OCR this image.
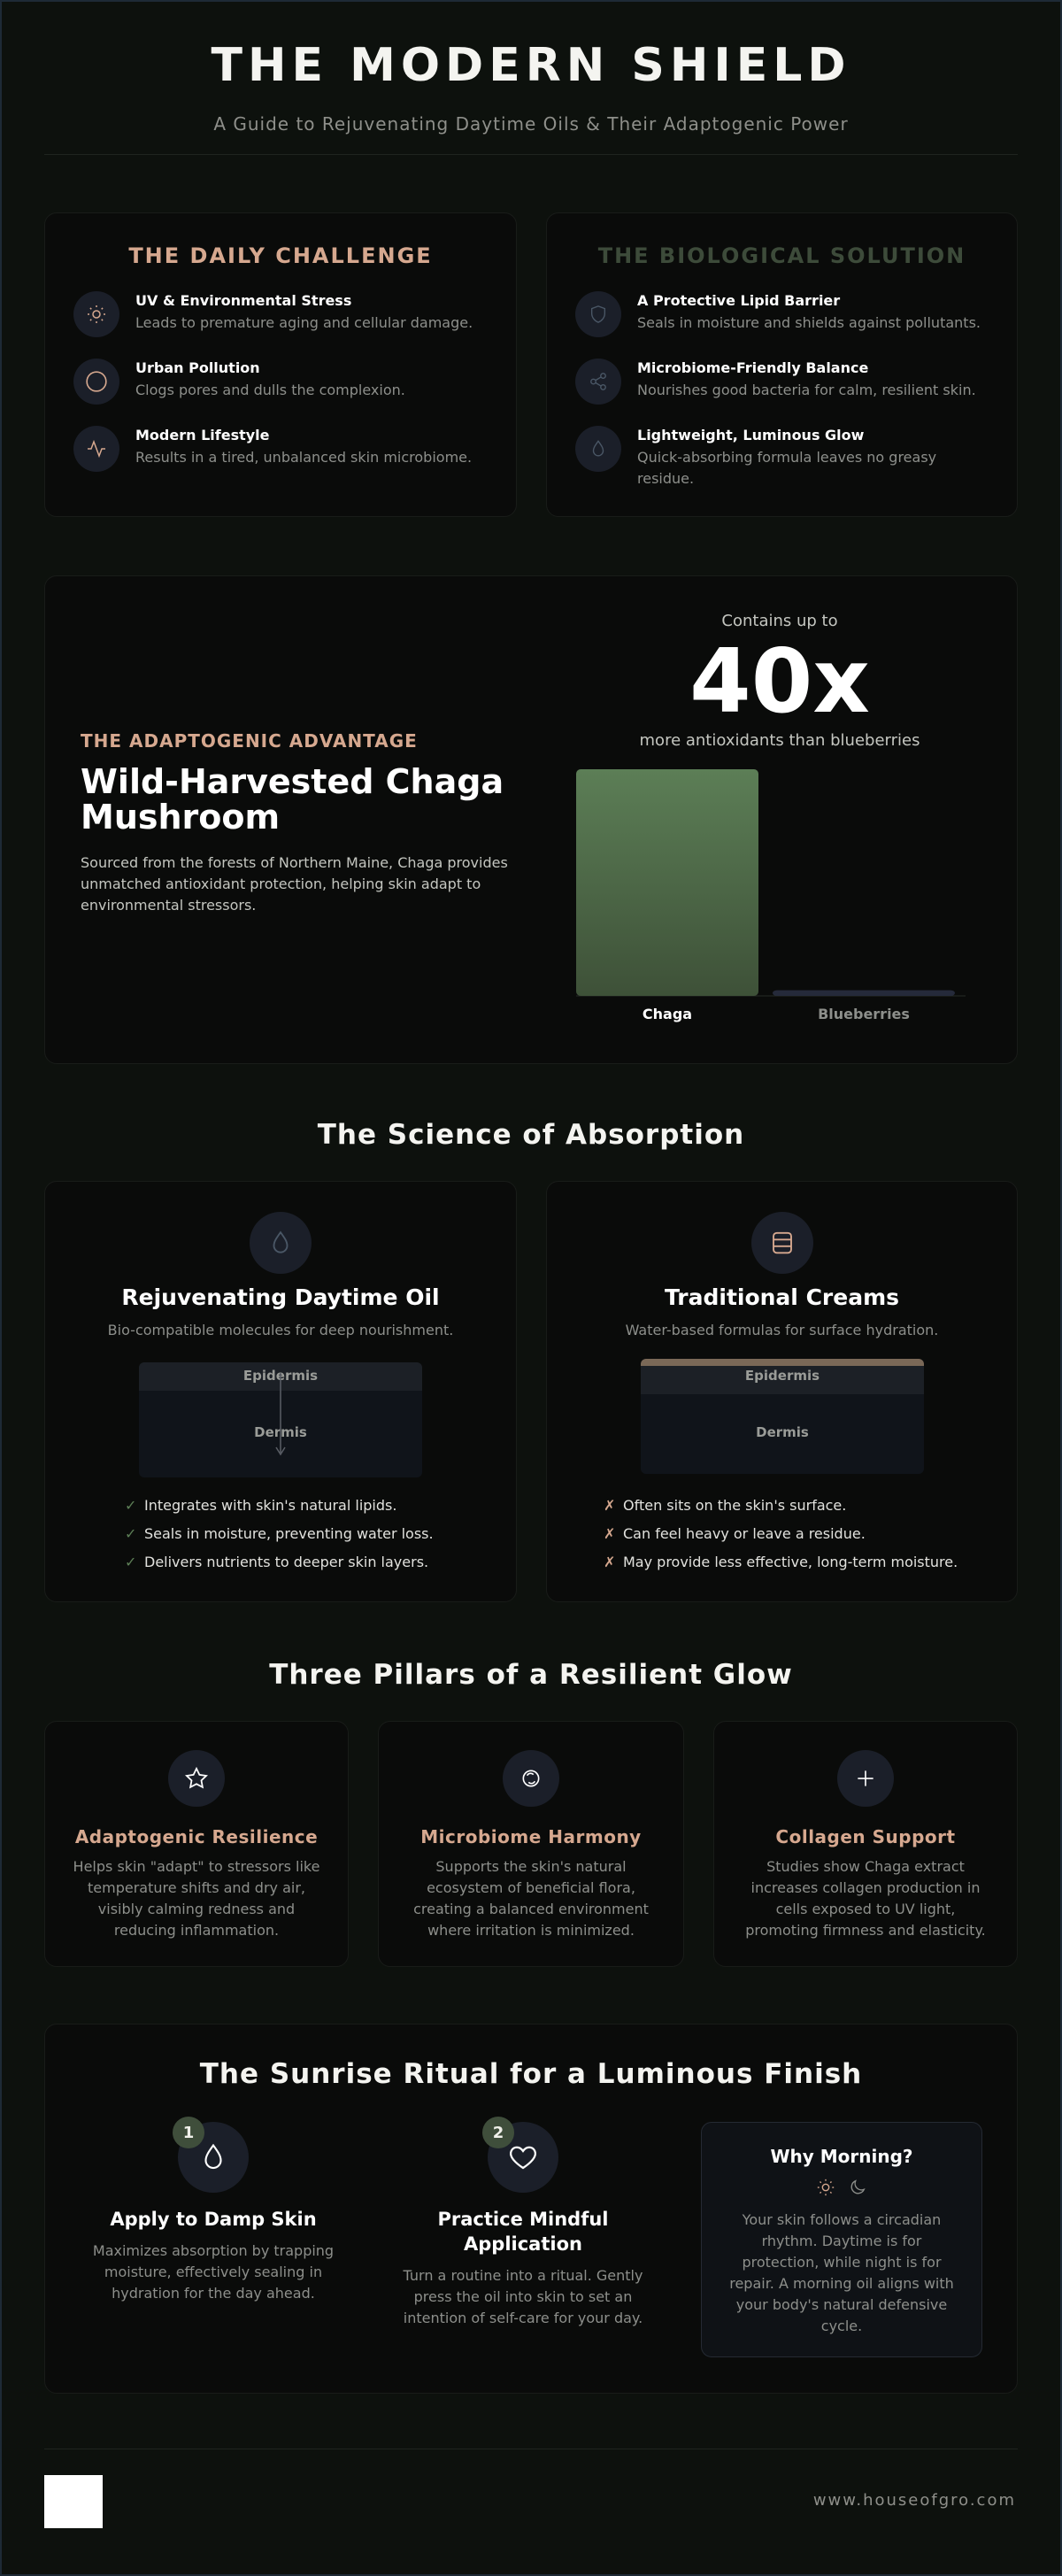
THE MODERN SHIELD

A Guide to Rejuvenating Daytime Oils & Their Adaptogenic Power

THE DAILY CHALLENGE
UV & Environmental Stress
Leads to premature aging and cellular damage.
Urban Pollution
Clogs pores and dulls the complexion.
Modern Lifestyle
Results in a tired, unbalanced skin microbiome.
THE BIOLOGICAL SOLUTION
A Protective Lipid Barrier
Seals in moisture and shields against pollutants.
Microbiome-Friendly Balance
Nourishes good bacteria for calm, resilient skin.
Lightweight, Luminous Glow
Quick-absorbing formula leaves no greasy residue.
THE ADAPTOGENIC ADVANTAGE
Wild-Harvested Chaga Mushroom
Sourced from the forests of Northern Maine, Chaga provides unmatched antioxidant protection, helping skin adapt to environmental stressors.
Contains up to
40x
more antioxidants than blueberries
Chaga	Blueberries
The Science of Absorption
Rejuvenating Daytime Oil
Bio-compatible molecules for deep nourishment.
Epidermis
Dermis
✓ Integrates with skin's natural lipids.
✓ Seals in moisture, preventing water loss.
✓ Delivers nutrients to deeper skin layers.
Traditional Creams
Water-based formulas for surface hydration.
Epidermis
Dermis
✗ Often sits on the skin's surface.
✗ Can feel heavy or leave a residue.
✗ May provide less effective, long-term moisture.
Three Pillars of a Resilient Glow
Adaptogenic Resilience
Helps skin "adapt" to stressors like temperature shifts and dry air, visibly calming redness and reducing inflammation.
Microbiome Harmony
Supports the skin's natural ecosystem of beneficial flora, creating a balanced environment where irritation is minimized.
Collagen Support
Studies show Chaga extract increases collagen production in cells exposed to UV light, promoting firmness and elasticity.
The Sunrise Ritual for a Luminous Finish
1
Apply to Damp Skin
Maximizes absorption by trapping moisture, effectively sealing in hydration for the day ahead.
2
Practice Mindful Application
Turn a routine into a ritual. Gently press the oil into skin to set an intention of self-care for your day.
Why Morning?
Your skin follows a circadian rhythm. Daytime is for protection, while night is for repair. A morning oil aligns with your body's natural defensive cycle.
www.houseofgro.com
